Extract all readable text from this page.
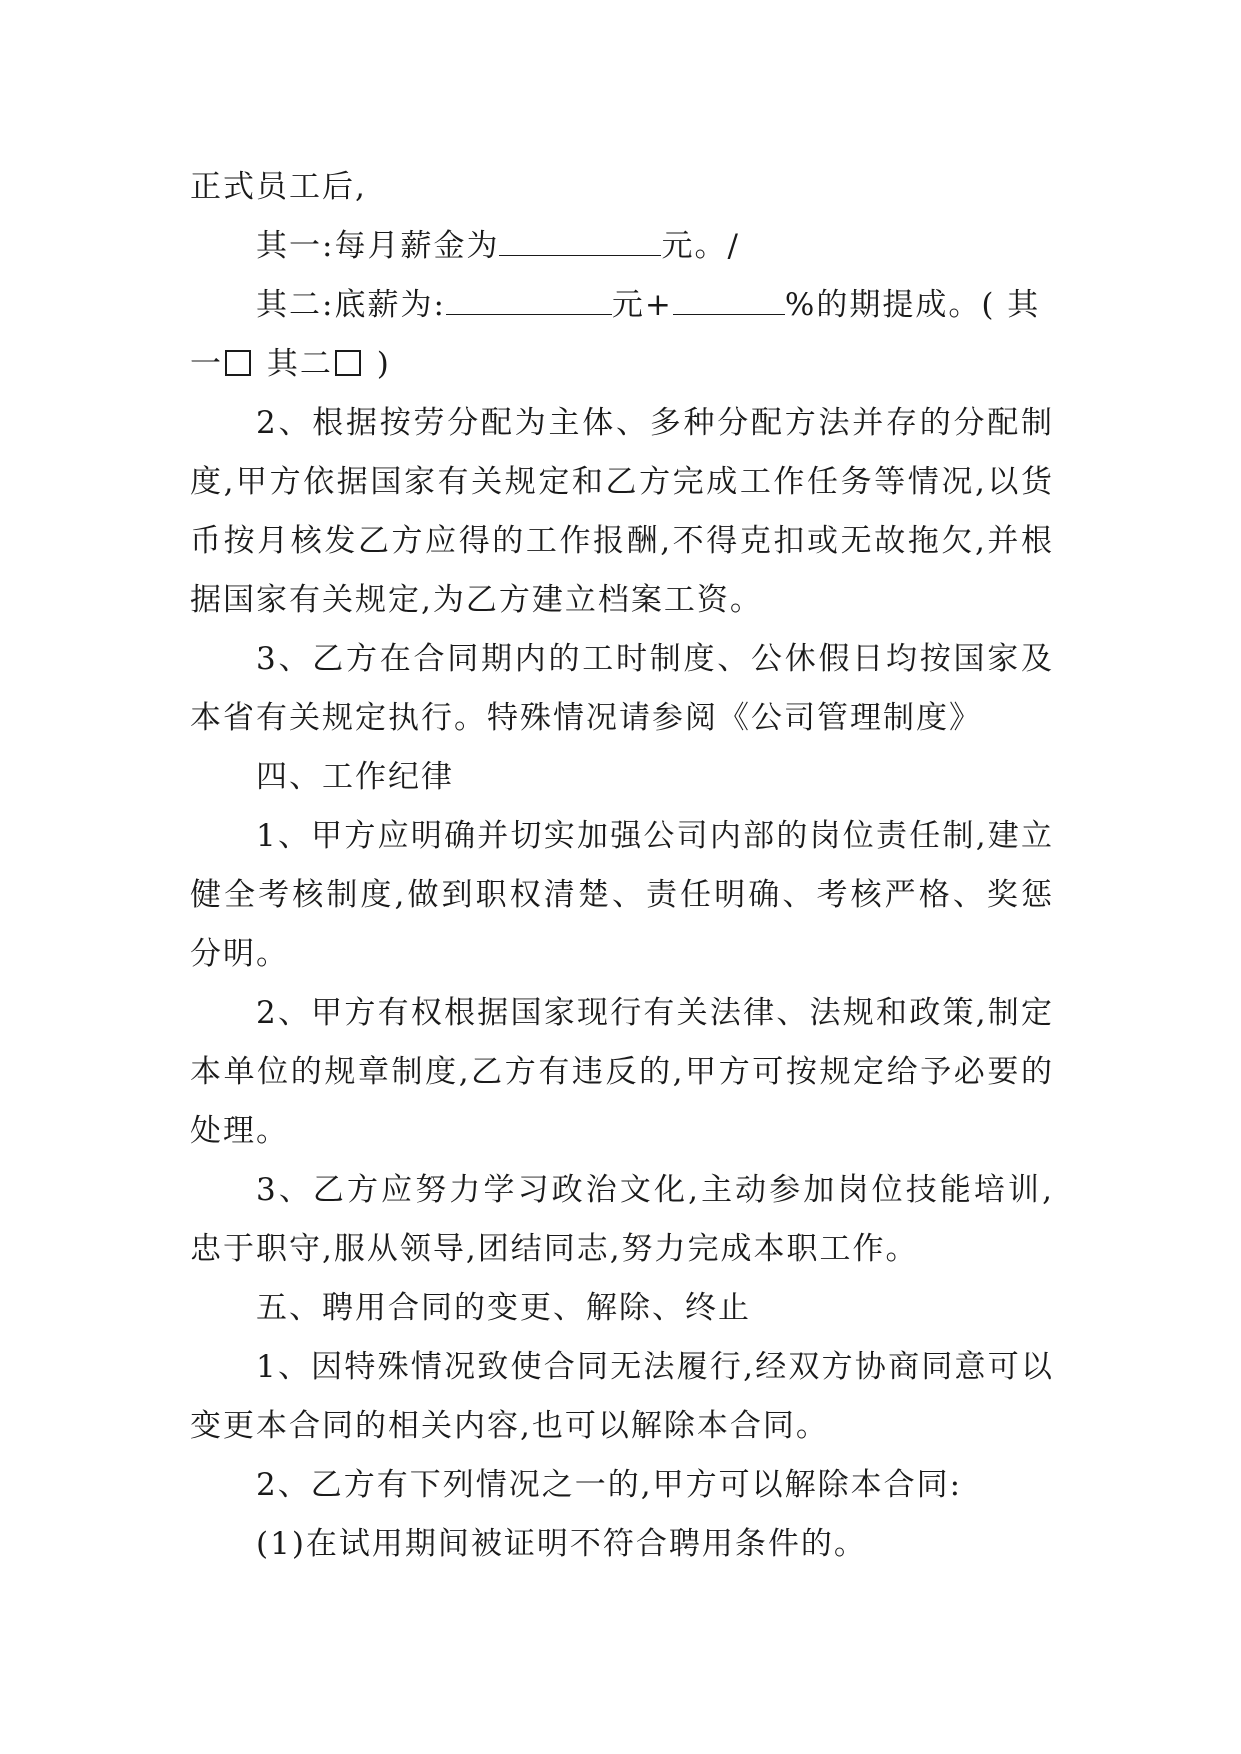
正式员工后,

其一:每月薪金为	元。/

其二:底薪为:	元+	%的期提成。( 其
一 其二 )

2、根据按劳分配为主体、多种分配方法并存的分配制度,甲方依据国家有关规定和乙方完成工作任务等情况,以货币按月核发乙方应得的工作报酬,不得克扣或无故拖欠,并根据国家有关规定,为乙方建立档案工资。

3、乙方在合同期内的工时制度、公休假日均按国家及本省有关规定执行。特殊情况请参阅《公司管理制度》

四、工作纪律

1、甲方应明确并切实加强公司内部的岗位责任制,建立健全考核制度,做到职权清楚、责任明确、考核严格、奖惩分明。

2、甲方有权根据国家现行有关法律、法规和政策,制定本单位的规章制度,乙方有违反的,甲方可按规定给予必要的处理。

3、乙方应努力学习政治文化,主动参加岗位技能培训,忠于职守,服从领导,团结同志,努力完成本职工作。

五、聘用合同的变更、解除、终止

1、因特殊情况致使合同无法履行,经双方协商同意可以变更本合同的相关内容,也可以解除本合同。

2、乙方有下列情况之一的,甲方可以解除本合同:

(1)在试用期间被证明不符合聘用条件的。
